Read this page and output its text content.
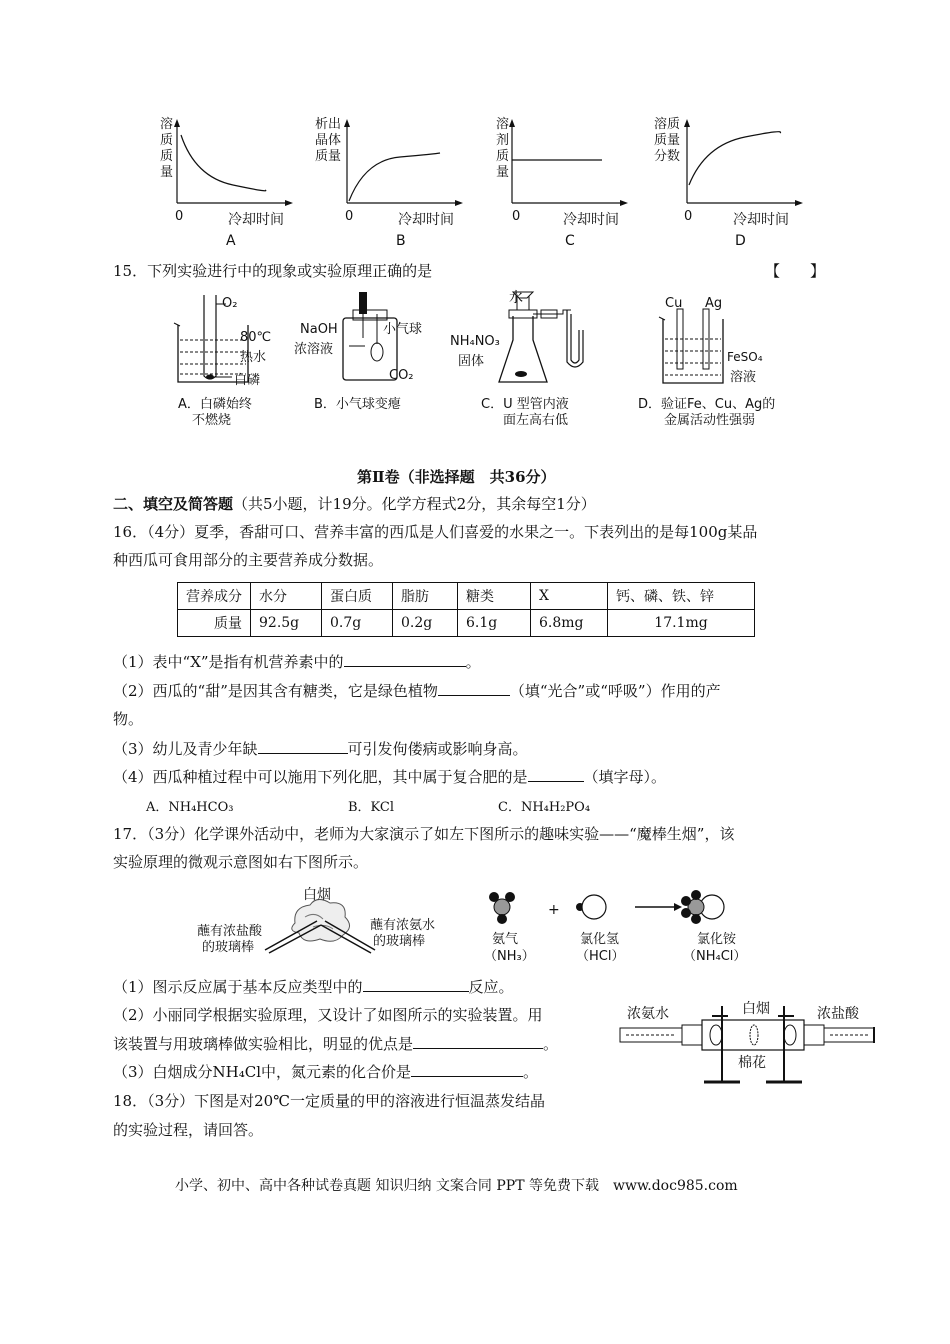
溶
质
质
量
0	冷却时间
A
析出
晶体
质量
0	冷却时间
B
溶
剂
质
量
0	冷却时间
C
溶质
质量
分数
0	冷却时间
D
15．下列实验进行中的现象或实验原理正确的是	【　　】
O₂
80℃
热水
白磷
A．白磷始终
不燃烧
NaOH
浓溶液
小气球
CO₂
B．小气球变瘪
水
NH₄NO₃
固体
C．U 型管内液
面左高右低
Cu Ag
FeSO₄
溶液
D．验证Fe、Cu、Ag的
金属活动性强弱
第Ⅱ卷（非选择题　共36分）
二、填空及简答题（共5小题，计19分。化学方程式2分，其余每空1分）
16．（4分）夏季，香甜可口、营养丰富的西瓜是人们喜爱的水果之一。下表列出的是每100g某品
种西瓜可食用部分的主要营养成分数据。
营养成分	水分	蛋白质	脂肪	糖类	X	钙、磷、铁、锌
质量	92.5g	0.7g	0.2g	6.1g	6.8mg	17.1mg
（1）表中“X”是指有机营养素中的	。
（2）西瓜的“甜”是因其含有糖类，它是绿色植物	（填“光合”或“呼吸”）作用的产
物。
（3）幼儿及青少年缺	可引发佝偻病或影响身高。
（4）西瓜种植过程中可以施用下列化肥，其中属于复合肥的是	（填字母）。
A．NH₄HCO₃	B．KCl	C．NH₄H₂PO₄
17．（3分）化学课外活动中，老师为大家演示了如左下图所示的趣味实验——“魔棒生烟”，该
实验原理的微观示意图如右下图所示。
白烟
蘸有浓盐酸
的玻璃棒
蘸有浓氨水
的玻璃棒
+
氨气
（NH₃）
氯化氢
（HCl）
氯化铵
（NH₄Cl）
（1）图示反应属于基本反应类型中的	反应。
（2）小丽同学根据实验原理，又设计了如图所示的实验装置。用
该装置与用玻璃棒做实验相比，明显的优点是	。
（3）白烟成分NH₄Cl中，氮元素的化合价是	。
浓氨水	白烟	浓盐酸
棉花
18．（3分）下图是对20℃一定质量的甲的溶液进行恒温蒸发结晶
的实验过程，请回答。
小学、初中、高中各种试卷真题 知识归纳 文案合同 PPT 等免费下载　www.doc985.com
